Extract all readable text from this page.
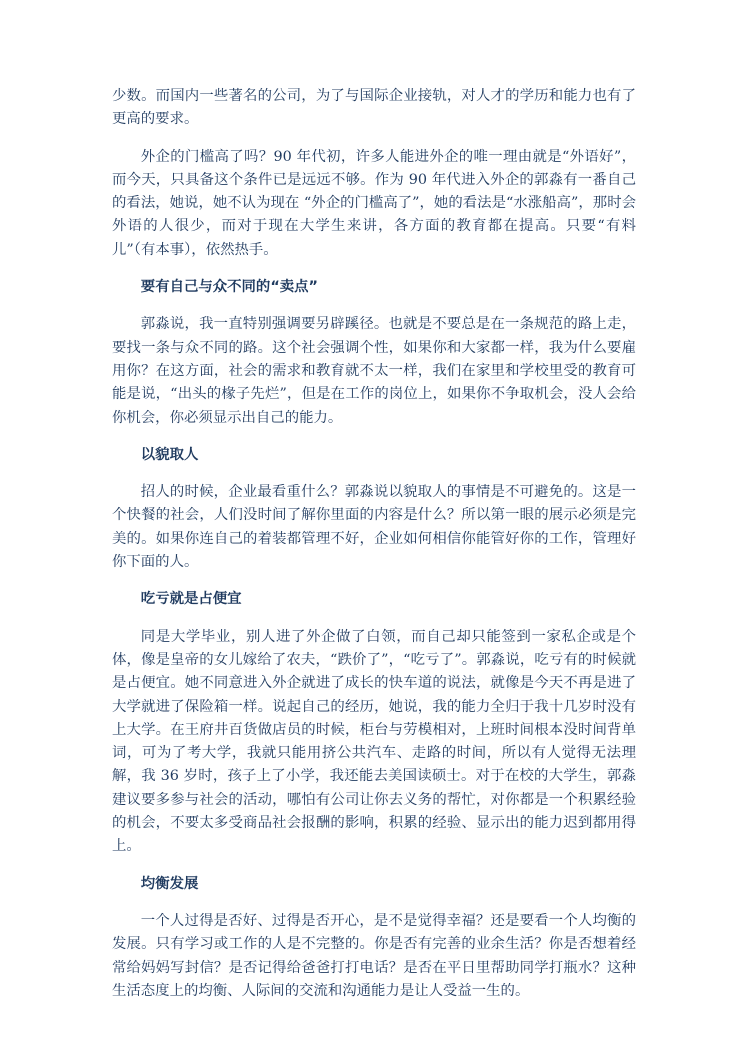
少数。而国内一些著名的公司，为了与国际企业接轨，对人才的学历和能力也有了更高的要求。

外企的门槛高了吗？90 年代初，许多人能进外企的唯一理由就是“外语好”，而今天，只具备这个条件已是远远不够。作为 90 年代进入外企的郭淼有一番自己的看法，她说，她不认为现在 “外企的门槛高了”，她的看法是“水涨船高”，那时会外语的人很少，而对于现在大学生来讲，各方面的教育都在提高。只要“有料儿”（有本事），依然热手。

要有自己与众不同的“卖点”

郭淼说，我一直特别强调要另辟蹊径。也就是不要总是在一条规范的路上走，要找一条与众不同的路。这个社会强调个性，如果你和大家都一样，我为什么要雇用你？在这方面，社会的需求和教育就不太一样，我们在家里和学校里受的教育可能是说，“出头的椽子先烂”，但是在工作的岗位上，如果你不争取机会，没人会给你机会，你必须显示出自己的能力。

以貌取人

招人的时候，企业最看重什么？郭淼说以貌取人的事情是不可避免的。这是一个快餐的社会，人们没时间了解你里面的内容是什么？所以第一眼的展示必须是完美的。如果你连自己的着装都管理不好，企业如何相信你能管好你的工作，管理好你下面的人。

吃亏就是占便宜

同是大学毕业，别人进了外企做了白领，而自己却只能签到一家私企或是个体，像是皇帝的女儿嫁给了农夫，“跌价了”，“吃亏了”。郭淼说，吃亏有的时候就是占便宜。她不同意进入外企就进了成长的快车道的说法，就像是今天不再是进了大学就进了保险箱一样。说起自己的经历，她说，我的能力全归于我十几岁时没有上大学。在王府井百货做店员的时候，柜台与劳模相对，上班时间根本没时间背单词，可为了考大学，我就只能用挤公共汽车、走路的时间，所以有人觉得无法理解，我 36 岁时，孩子上了小学，我还能去美国读硕士。对于在校的大学生，郭淼建议要多参与社会的活动，哪怕有公司让你去义务的帮忙，对你都是一个积累经验的机会，不要太多受商品社会报酬的影响，积累的经验、显示出的能力迟到都用得上。

均衡发展

一个人过得是否好、过得是否开心，是不是觉得幸福？还是要看一个人均衡的发展。只有学习或工作的人是不完整的。你是否有完善的业余生活？你是否想着经常给妈妈写封信？是否记得给爸爸打打电话？是否在平日里帮助同学打瓶水？这种生活态度上的均衡、人际间的交流和沟通能力是让人受益一生的。
